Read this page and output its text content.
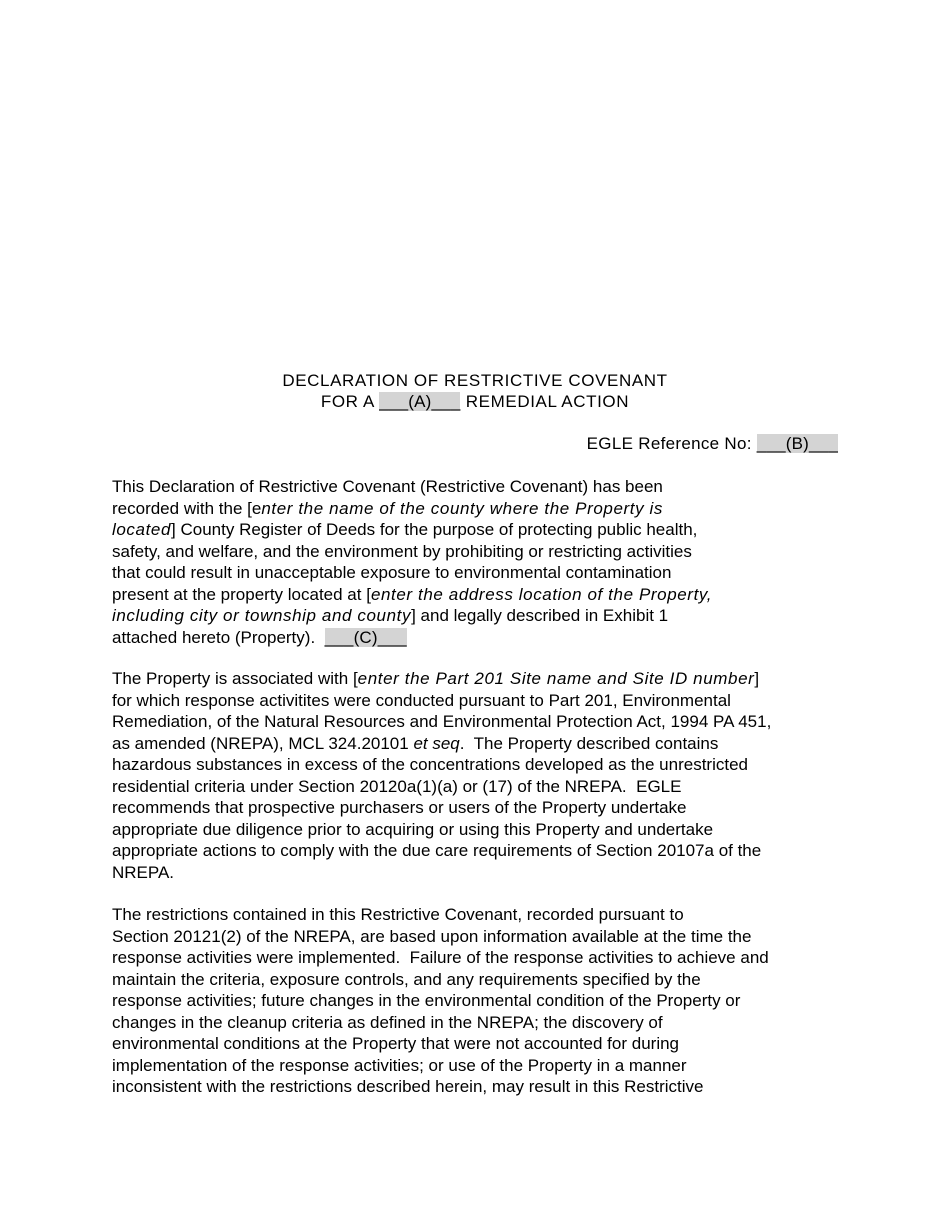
DECLARATION OF RESTRICTIVE COVENANT
FOR A ___(A)___ REMEDIAL ACTION
EGLE Reference No: ___(B)___
This Declaration of Restrictive Covenant (Restrictive Covenant) has been
recorded with the [enter the name of the county where the Property is
located] County Register of Deeds for the purpose of protecting public health,
safety, and welfare, and the environment by prohibiting or restricting activities
that could result in unacceptable exposure to environmental contamination
present at the property located at [enter the address location of the Property,
including city or township and county] and legally described in Exhibit 1
attached hereto (Property).  ___(C)___
The Property is associated with [enter the Part 201 Site name and Site ID number]
for which response activitites were conducted pursuant to Part 201, Environmental
Remediation, of the Natural Resources and Environmental Protection Act, 1994 PA 451,
as amended (NREPA), MCL 324.20101 et seq.  The Property described contains
hazardous substances in excess of the concentrations developed as the unrestricted
residential criteria under Section 20120a(1)(a) or (17) of the NREPA.  EGLE
recommends that prospective purchasers or users of the Property undertake
appropriate due diligence prior to acquiring or using this Property and undertake
appropriate actions to comply with the due care requirements of Section 20107a of the
NREPA.
The restrictions contained in this Restrictive Covenant, recorded pursuant to
Section 20121(2) of the NREPA, are based upon information available at the time the
response activities were implemented.  Failure of the response activities to achieve and
maintain the criteria, exposure controls, and any requirements specified by the
response activities; future changes in the environmental condition of the Property or
changes in the cleanup criteria as defined in the NREPA; the discovery of
environmental conditions at the Property that were not accounted for during
implementation of the response activities; or use of the Property in a manner
inconsistent with the restrictions described herein, may result in this Restrictive
